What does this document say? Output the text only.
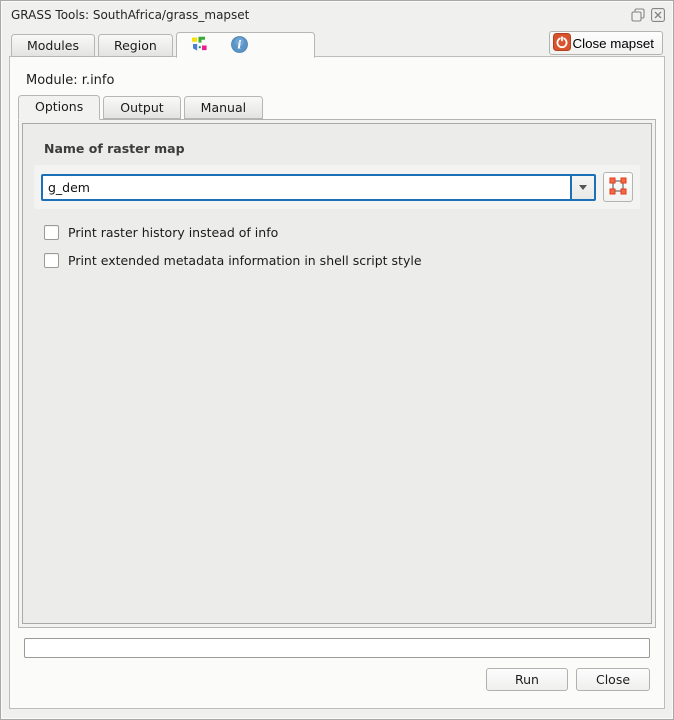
GRASS Tools: SouthAfrica/grass_mapset
Modules	Region	i	Close mapset
Module: r.info
Options	Output	Manual
Name of raster map
g_dem
Print raster history instead of info
Print extended metadata information in shell script style
Run	Close
